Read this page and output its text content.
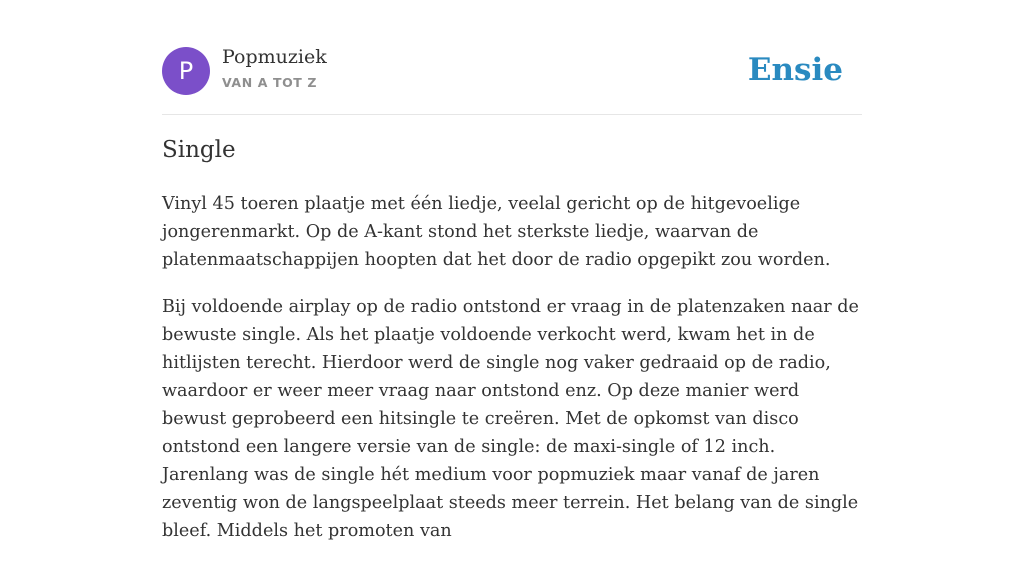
P	Popmuziek
VAN A TOT Z	Ensie
Single

Vinyl 45 toeren plaatje met één liedje, veelal gericht op de hitgevoelige jongerenmarkt. Op de A-kant stond het sterkste liedje, waarvan de platenmaatschappijen hoopten dat het door de radio opgepikt zou worden.

Bij voldoende airplay op de radio ontstond er vraag in de platenzaken naar de bewuste single. Als het plaatje voldoende verkocht werd, kwam het in de hitlijsten terecht. Hierdoor werd de single nog vaker gedraaid op de radio, waardoor er weer meer vraag naar ontstond enz. Op deze manier werd bewust geprobeerd een hitsingle te creëren. Met de opkomst van disco ontstond een langere versie van de single: de maxi-single of 12 inch. Jarenlang was de single hét medium voor popmuziek maar vanaf de jaren zeventig won de langspeelplaat steeds meer terrein. Het belang van de single bleef. Middels het promoten van
